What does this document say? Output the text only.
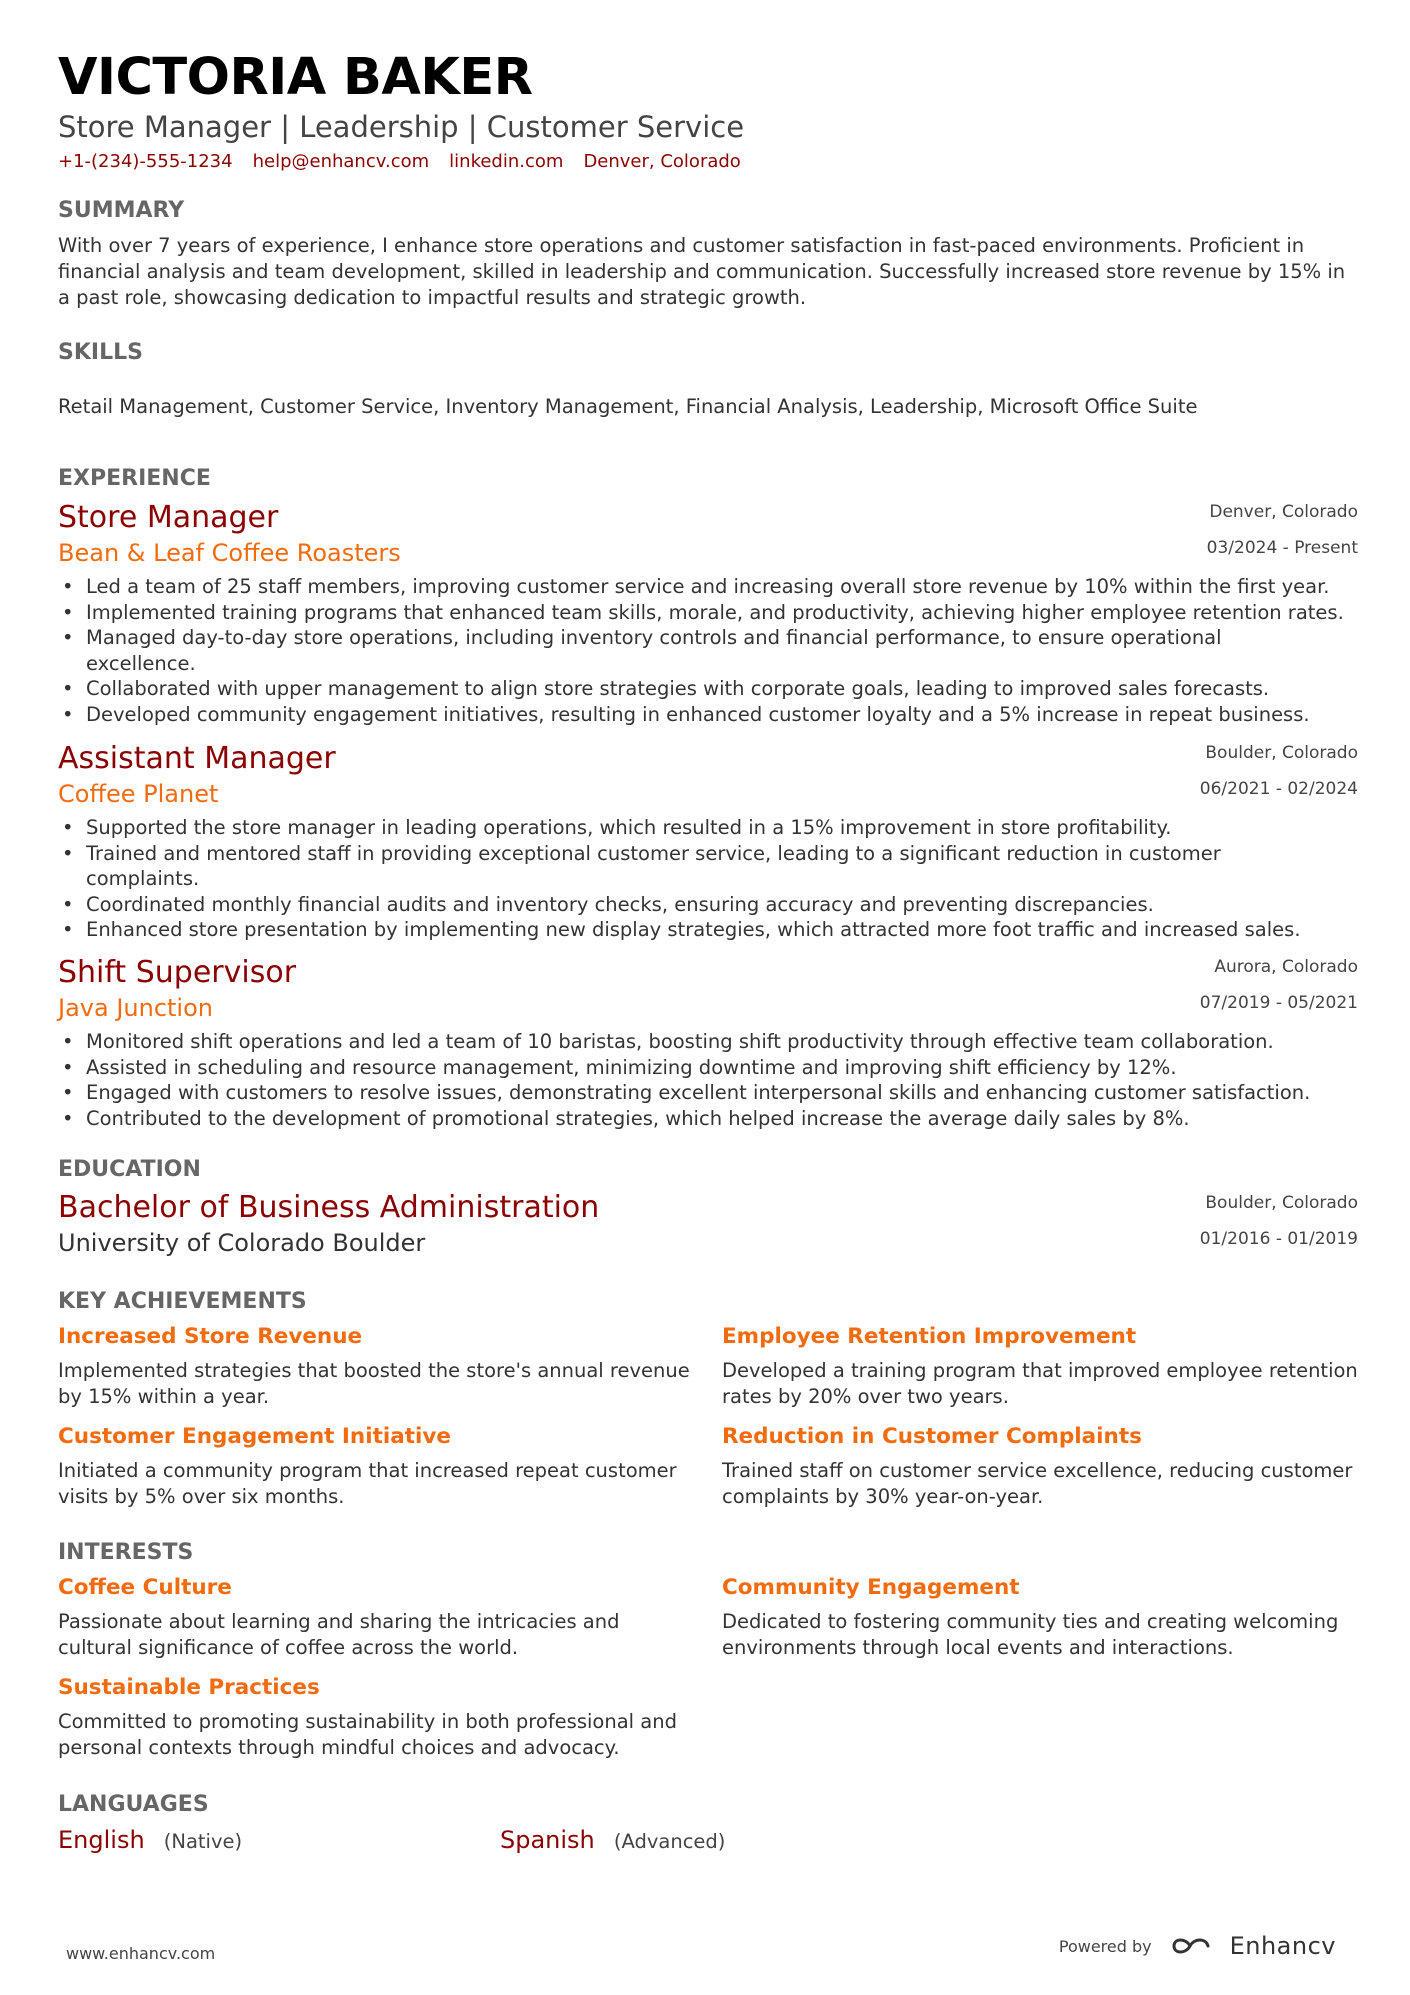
VICTORIA BAKER
Store Manager | Leadership | Customer Service
+1-(234)-555-1234 help@enhancv.com linkedin.com Denver, Colorado
SUMMARY
With over 7 years of experience, I enhance store operations and customer satisfaction in fast-paced environments. Proficient in financial analysis and team development, skilled in leadership and communication. Successfully increased store revenue by 15% in a past role, showcasing dedication to impactful results and strategic growth.
SKILLS
Retail Management, Customer Service, Inventory Management, Financial Analysis, Leadership, Microsoft Office Suite
EXPERIENCE
Store Manager
Bean & Leaf Coffee Roasters
Denver, Colorado
03/2024 - Present
• Led a team of 25 staff members, improving customer service and increasing overall store revenue by 10% within the first year.
• Implemented training programs that enhanced team skills, morale, and productivity, achieving higher employee retention rates.
• Managed day-to-day store operations, including inventory controls and financial performance, to ensure operational excellence.
• Collaborated with upper management to align store strategies with corporate goals, leading to improved sales forecasts.
• Developed community engagement initiatives, resulting in enhanced customer loyalty and a 5% increase in repeat business.
Assistant Manager
Coffee Planet
Boulder, Colorado
06/2021 - 02/2024
• Supported the store manager in leading operations, which resulted in a 15% improvement in store profitability.
• Trained and mentored staff in providing exceptional customer service, leading to a significant reduction in customer complaints.
• Coordinated monthly financial audits and inventory checks, ensuring accuracy and preventing discrepancies.
• Enhanced store presentation by implementing new display strategies, which attracted more foot traffic and increased sales.
Shift Supervisor
Java Junction
Aurora, Colorado
07/2019 - 05/2021
• Monitored shift operations and led a team of 10 baristas, boosting shift productivity through effective team collaboration.
• Assisted in scheduling and resource management, minimizing downtime and improving shift efficiency by 12%.
• Engaged with customers to resolve issues, demonstrating excellent interpersonal skills and enhancing customer satisfaction.
• Contributed to the development of promotional strategies, which helped increase the average daily sales by 8%.
EDUCATION
Bachelor of Business Administration
University of Colorado Boulder
Boulder, Colorado
01/2016 - 01/2019
KEY ACHIEVEMENTS
Increased Store Revenue
Implemented strategies that boosted the store's annual revenue by 15% within a year.
Employee Retention Improvement
Developed a training program that improved employee retention rates by 20% over two years.
Customer Engagement Initiative
Initiated a community program that increased repeat customer visits by 5% over six months.
Reduction in Customer Complaints
Trained staff on customer service excellence, reducing customer complaints by 30% year-on-year.
INTERESTS
Coffee Culture
Passionate about learning and sharing the intricacies and cultural significance of coffee across the world.
Community Engagement
Dedicated to fostering community ties and creating welcoming environments through local events and interactions.
Sustainable Practices
Committed to promoting sustainability in both professional and personal contexts through mindful choices and advocacy.
LANGUAGES
English (Native)	Spanish (Advanced)
www.enhancv.com	Powered by	Enhancv
